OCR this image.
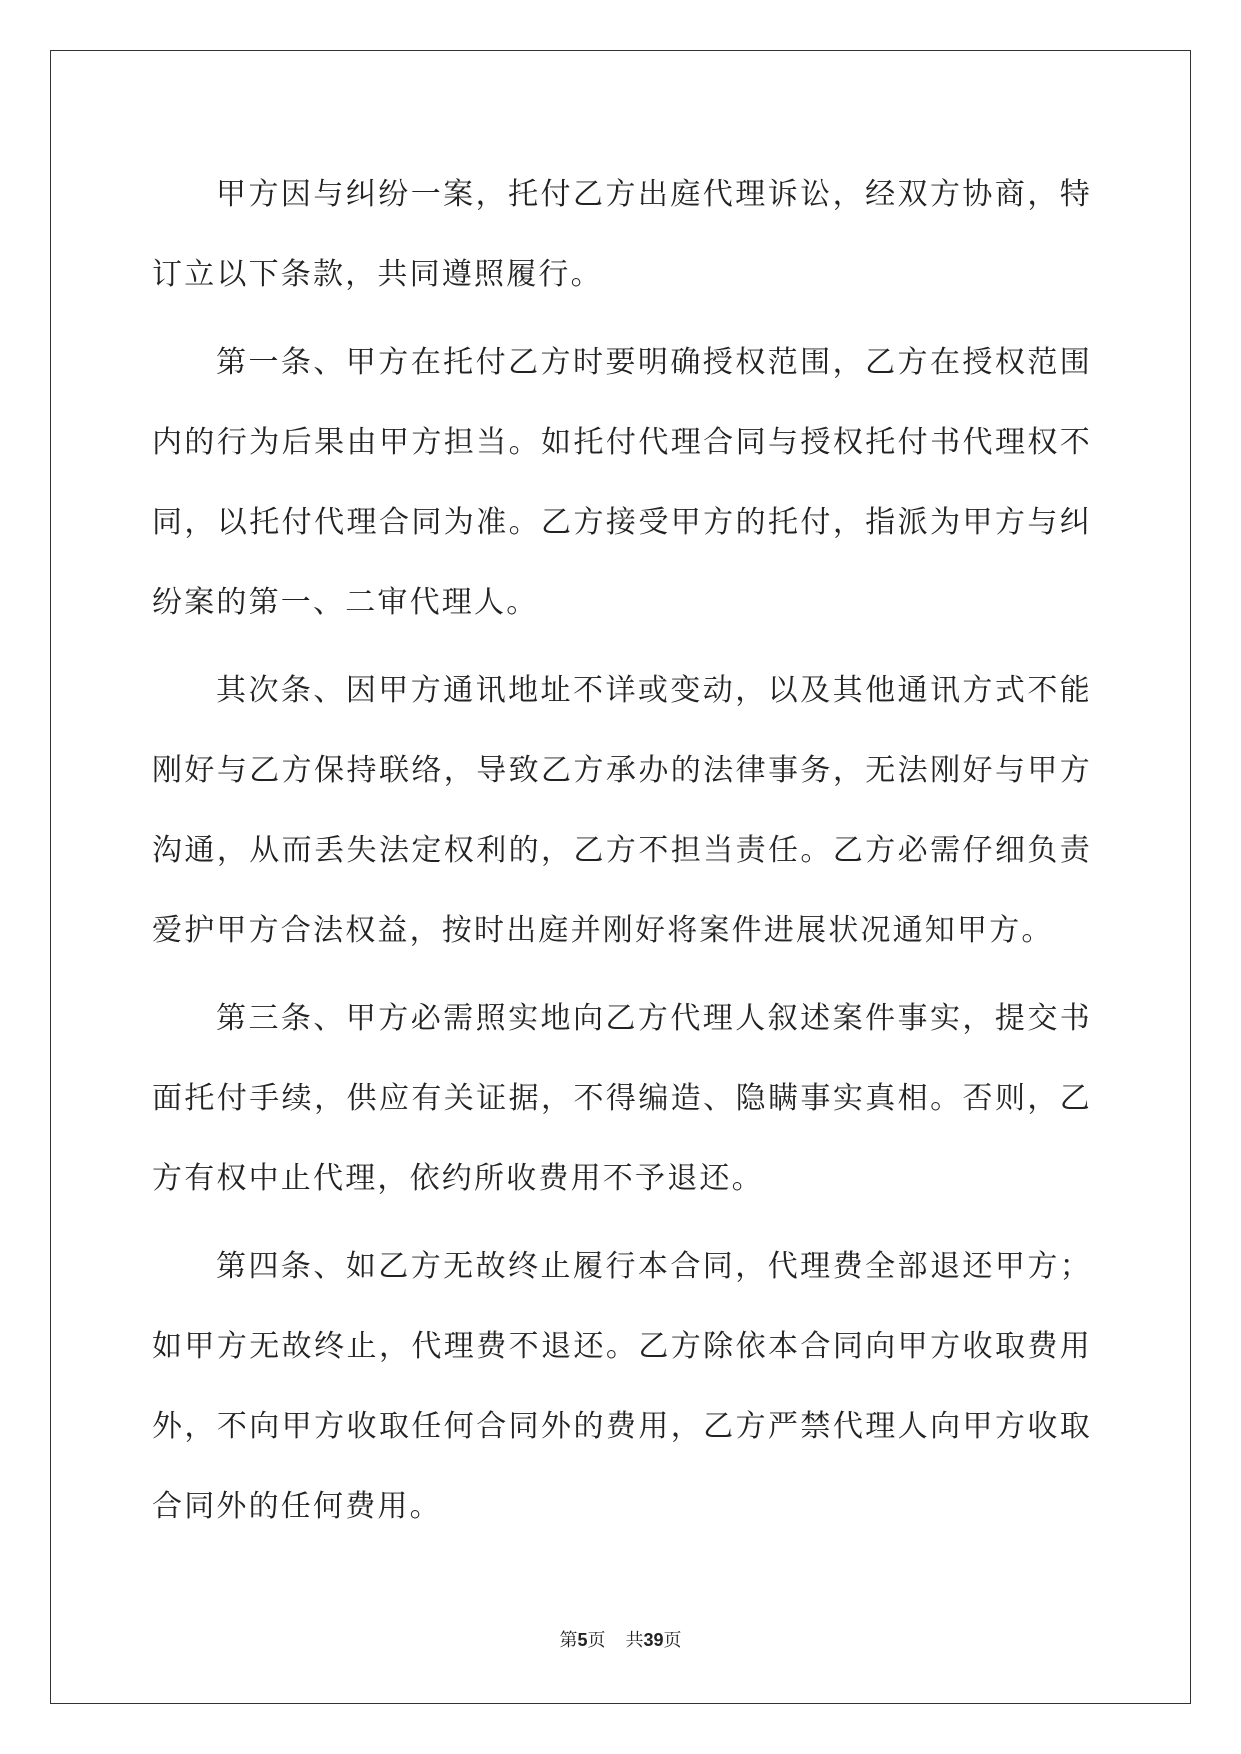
甲方因与纠纷一案，托付乙方出庭代理诉讼，经双方协商，特订立以下条款，共同遵照履行。

第一条、甲方在托付乙方时要明确授权范围，乙方在授权范围内的行为后果由甲方担当。如托付代理合同与授权托付书代理权不同，以托付代理合同为准。乙方接受甲方的托付，指派为甲方与纠纷案的第一、二审代理人。

其次条、因甲方通讯地址不详或变动，以及其他通讯方式不能刚好与乙方保持联络，导致乙方承办的法律事务，无法刚好与甲方沟通，从而丢失法定权利的，乙方不担当责任。乙方必需仔细负责爱护甲方合法权益，按时出庭并刚好将案件进展状况通知甲方。

第三条、甲方必需照实地向乙方代理人叙述案件事实，提交书面托付手续，供应有关证据，不得编造、隐瞒事实真相。否则，乙方有权中止代理，依约所收费用不予退还。

第四条、如乙方无故终止履行本合同，代理费全部退还甲方；如甲方无故终止，代理费不退还。乙方除依本合同向甲方收取费用外，不向甲方收取任何合同外的费用，乙方严禁代理人向甲方收取合同外的任何费用。

第5页 共39页
